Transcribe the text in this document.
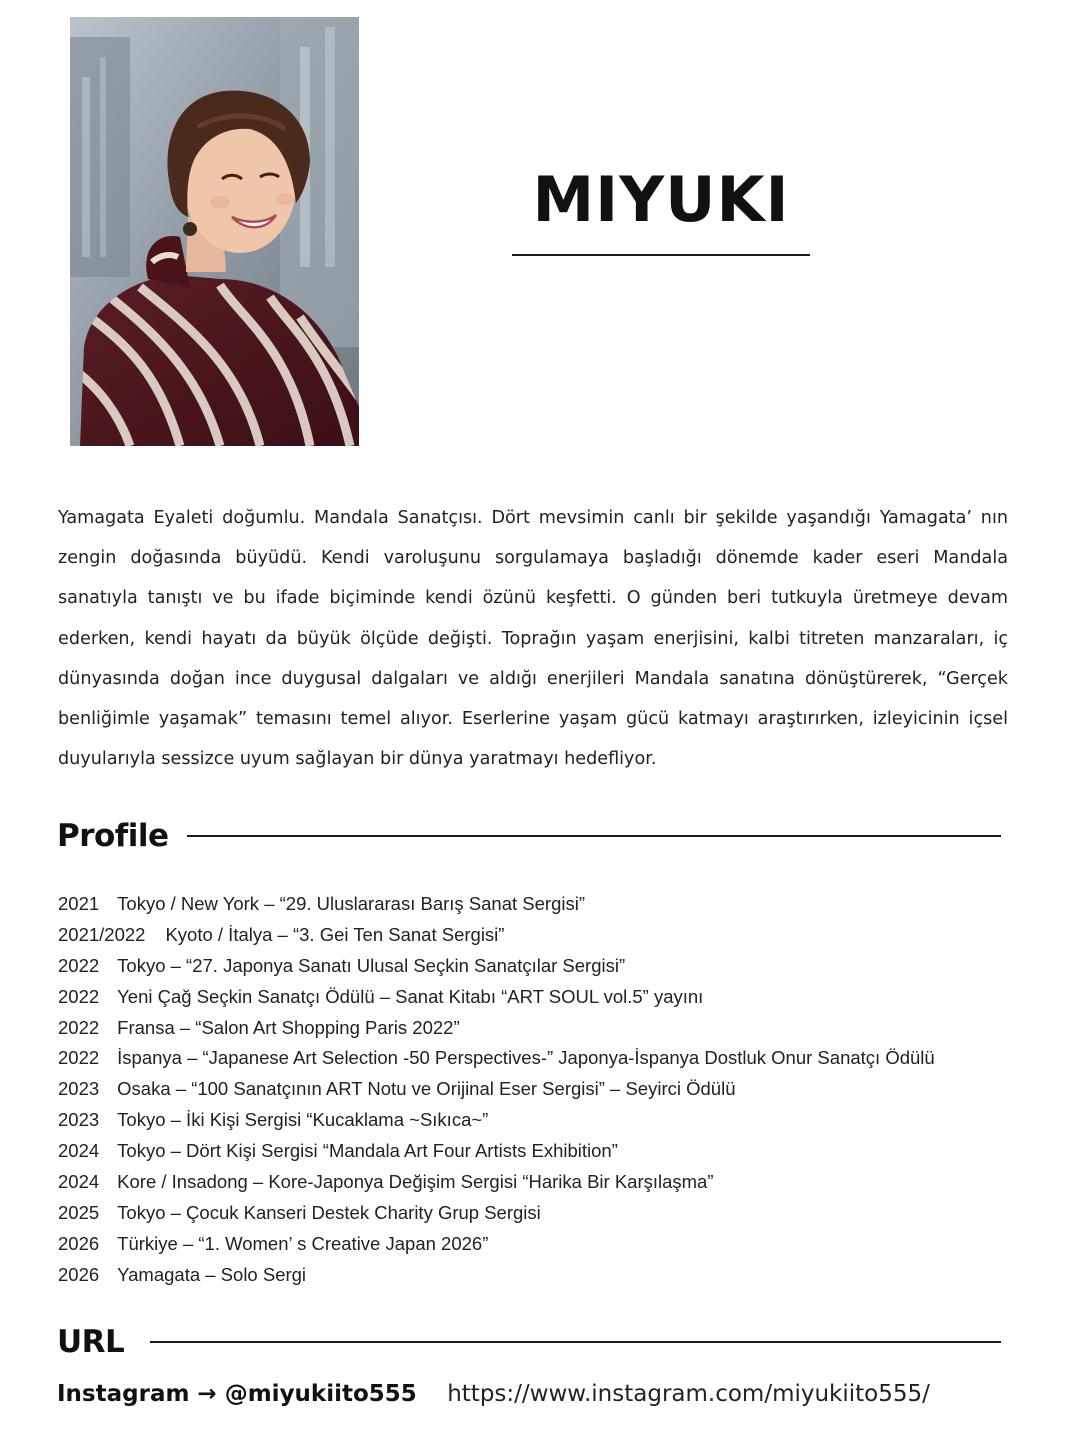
MIYUKI

Yamagata Eyaleti doğumlu. Mandala Sanatçısı. Dört mevsimin canlı bir şekilde yaşandığı Yamagata’ nın zengin doğasında büyüdü. Kendi varoluşunu sorgulamaya başladığı dönemde kader eseri Mandala sanatıyla tanıştı ve bu ifade biçiminde kendi özünü keşfetti. O günden beri tutkuyla üretmeye devam ederken, kendi hayatı da büyük ölçüde değişti. Toprağın yaşam enerjisini, kalbi titreten manzaraları, iç dünyasında doğan ince duygusal dalgaları ve aldığı enerjileri Mandala sanatına dönüştürerek, “Gerçek benliğimle yaşamak” temasını temel alıyor. Eserlerine yaşam gücü katmayı araştırırken, izleyicinin içsel duyularıyla sessizce uyum sağlayan bir dünya yaratmayı hedefliyor.

Profile
2021 Tokyo / New York – “29. Uluslararası Barış Sanat Sergisi”
2021/2022 Kyoto / İtalya – “3. Gei Ten Sanat Sergisi”
2022 Tokyo – “27. Japonya Sanatı Ulusal Seçkin Sanatçılar Sergisi”
2022 Yeni Çağ Seçkin Sanatçı Ödülü – Sanat Kitabı “ART SOUL vol.5” yayını
2022 Fransa – “Salon Art Shopping Paris 2022”
2022 İspanya – “Japanese Art Selection -50 Perspectives-” Japonya-İspanya Dostluk Onur Sanatçı Ödülü
2023 Osaka – “100 Sanatçının ART Notu ve Orijinal Eser Sergisi” – Seyirci Ödülü
2023 Tokyo – İki Kişi Sergisi “Kucaklama ~Sıkıca~”
2024 Tokyo – Dört Kişi Sergisi “Mandala Art Four Artists Exhibition”
2024 Kore / Insadong – Kore-Japonya Değişim Sergisi “Harika Bir Karşılaşma”
2025 Tokyo – Çocuk Kanseri Destek Charity Grup Sergisi
2026 Türkiye – “1. Women’ s Creative Japan 2026”
2026 Yamagata – Solo Sergi
URL
Instagram → @miyukiito555 https://www.instagram.com/miyukiito555/
